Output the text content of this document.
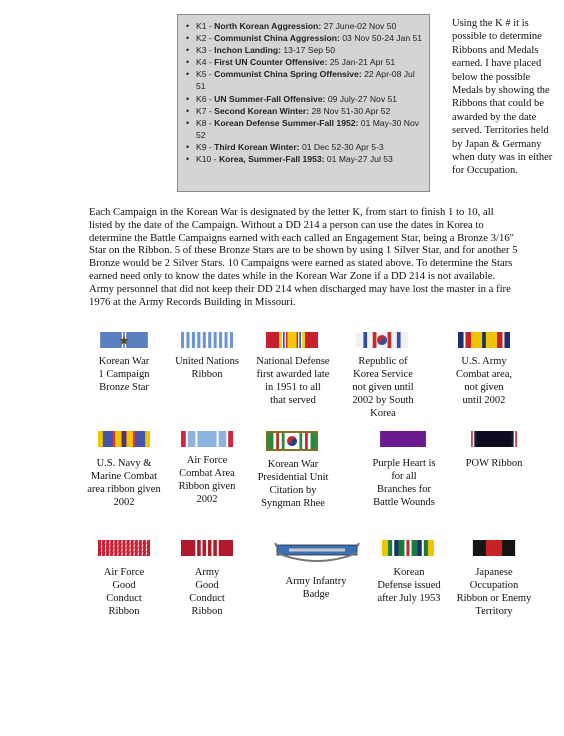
• K1 - North Korean Aggression: 27 June-02 Nov 50
• K2 - Communist China Aggression: 03 Nov 50-24 Jan 51
• K3 - Inchon Landing: 13-17 Sep 50
• K4 - First UN Counter Offensive: 25 Jan-21 Apr 51
• K5 - Communist China Spring Offensive: 22 Apr-08 Jul 51
• K6 - UN Summer-Fall Offensive: 09 July-27 Nov 51
• K7 - Second Korean Winter: 28 Nov 51-30 Apr 52
• K8 - Korean Defense Summer-Fall 1952: 01 May-30 Nov 52
• K9 - Third Korean Winter: 01 Dec 52-30 Apr 5-3
• K10 - Korea, Summer-Fall 1953: 01 May-27 Jul 53
Using the K # it is possible to determine Ribbons and Medals earned. I have placed below the possible Medals by showing the Ribbons that could be awarded by the date served. Territories held by Japan & Germany when duty was in either for Occupation.
Each Campaign in the Korean War is designated by the letter K, from start to finish 1 to 10, all listed by the date of the Campaign. Without a DD 214 a person can use the dates in Korea to determine the Battle Campaigns earned with each called an Engagement Star, being a Bronze 3/16" Star on the Ribbon. 5 of these Bronze Stars are to be shown by using 1 Silver Star, and for another 5 Bronze would be 2 Silver Stars. 10 Campaigns were earned as stated above. To determine the Stars earned need only to know the dates while in the Korean War Zone if a DD 214 is not available. Army personnel that did not keep their DD 214 when discharged may have lost the master in a fire 1976 at the Army Records Building in Missouri.
Korean War
1 Campaign
Bronze Star
United Nations
Ribbon
National Defense
first awarded late
in 1951 to all
that served
Republic of
Korea Service
not given until
2002 by South
Korea
U.S. Army
Combat area,
not given
until 2002
U.S. Navy &
Marine Combat
area ribbon given
2002
Air Force
Combat Area
Ribbon given
2002
Korean War
Presidential Unit
Citation by
Syngman Rhee
Purple Heart is
for all
Branches for
Battle Wounds
POW Ribbon
Air Force
Good
Conduct
Ribbon
Army
Good
Conduct
Ribbon
Army Infantry
Badge
Korean
Defense issued
after July 1953
Japanese
Occupation
Ribbon or Enemy
Territory
